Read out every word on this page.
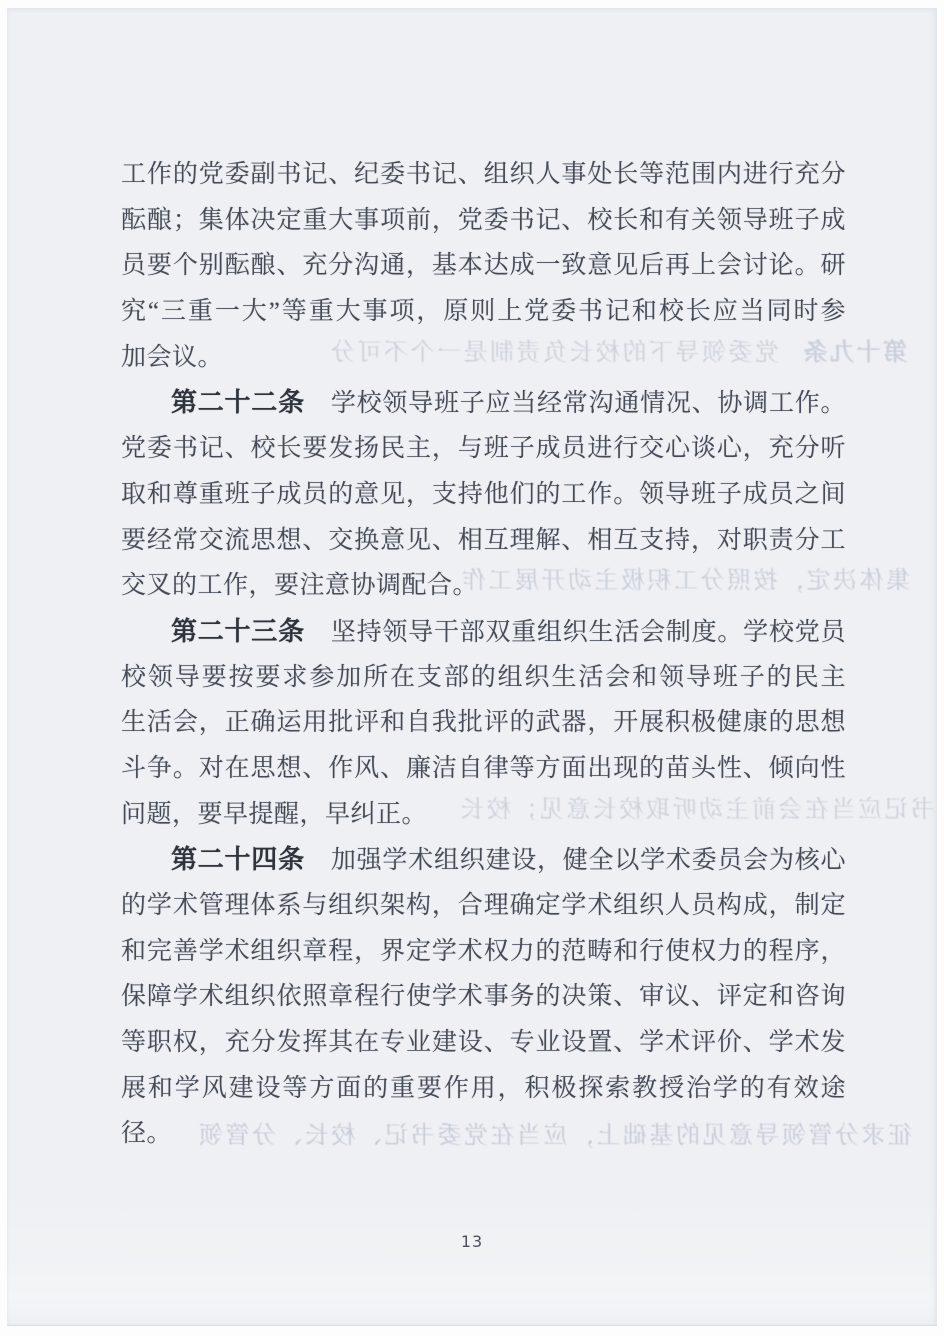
第十九条党委领导下的校长负责制是一个不可分
集体决定，按照分工积极主动开展工作
书记应当在会前主动听取校长意见；校长
征求分管领导意见的基础上，应当在党委书记、校长、分管领
工作的党委副书记、纪委书记、组织人事处长等范围内进行充分
酝酿；集体决定重大事项前，党委书记、校长和有关领导班子成
员要个别酝酿、充分沟通，基本达成一致意见后再上会讨论。研
究“三重一大”等重大事项，原则上党委书记和校长应当同时参
加会议。
第二十二条 学校领导班子应当经常沟通情况、协调工作。
党委书记、校长要发扬民主，与班子成员进行交心谈心，充分听
取和尊重班子成员的意见，支持他们的工作。领导班子成员之间
要经常交流思想、交换意见、相互理解、相互支持，对职责分工
交叉的工作，要注意协调配合。
第二十三条 坚持领导干部双重组织生活会制度。学校党员
校领导要按要求参加所在支部的组织生活会和领导班子的民主
生活会，正确运用批评和自我批评的武器，开展积极健康的思想
斗争。对在思想、作风、廉洁自律等方面出现的苗头性、倾向性
问题，要早提醒，早纠正。
第二十四条 加强学术组织建设，健全以学术委员会为核心
的学术管理体系与组织架构，合理确定学术组织人员构成，制定
和完善学术组织章程，界定学术权力的范畴和行使权力的程序，
保障学术组织依照章程行使学术事务的决策、审议、评定和咨询
等职权，充分发挥其在专业建设、专业设置、学术评价、学术发
展和学风建设等方面的重要作用，积极探索教授治学的有效途
径。
13
